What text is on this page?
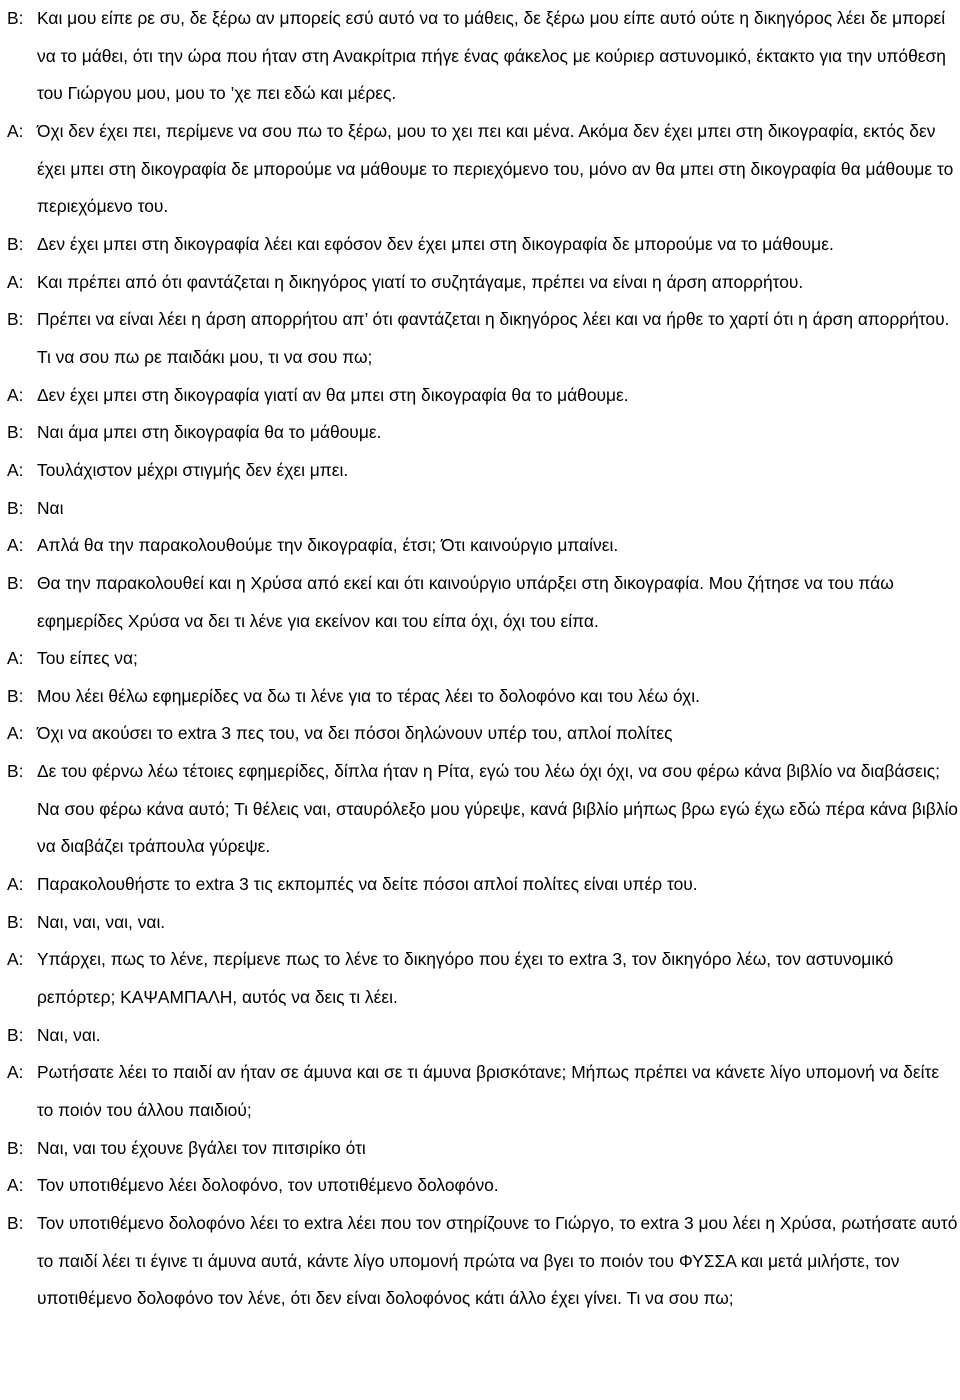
Β: Και μου είπε ρε συ, δε ξέρω αν μπορείς εσύ αυτό να το μάθεις, δε ξέρω μου είπε αυτό ούτε η δικηγόρος λέει δε μπορεί να το μάθει, ότι την ώρα που ήταν στη Ανακρίτρια πήγε ένας φάκελος με κούριερ αστυνομικό, έκτακτο για την υπόθεση του Γιώργου μου, μου το ’χε πει εδώ και μέρες.
Α: Όχι δεν έχει πει, περίμενε να σου πω το ξέρω, μου το χει πει και μένα. Ακόμα δεν έχει μπει στη δικογραφία, εκτός δεν έχει μπει στη δικογραφία δε μπορούμε να μάθουμε το περιεχόμενο του, μόνο αν θα μπει στη δικογραφία θα μάθουμε το περιεχόμενο του.
Β: Δεν έχει μπει στη δικογραφία λέει και εφόσον δεν έχει μπει στη δικογραφία δε μπορούμε να το μάθουμε.
Α: Και πρέπει από ότι φαντάζεται η δικηγόρος γιατί το συζητάγαμε, πρέπει να είναι η άρση απορρήτου.
Β: Πρέπει να είναι λέει η άρση απορρήτου απ’ ότι φαντάζεται η δικηγόρος λέει και να ήρθε το χαρτί ότι η άρση απορρήτου. Τι να σου πω ρε παιδάκι μου, τι να σου πω;
Α: Δεν έχει μπει στη δικογραφία γιατί αν θα μπει στη δικογραφία θα το μάθουμε.
Β: Ναι άμα μπει στη δικογραφία θα το μάθουμε.
Α: Τουλάχιστον μέχρι στιγμής δεν έχει μπει.
Β: Ναι
Α: Απλά θα την παρακολουθούμε την δικογραφία, έτσι; Ότι καινούργιο μπαίνει.
Β: Θα την παρακολουθεί και η Χρύσα από εκεί και ότι καινούργιο υπάρξει στη δικογραφία. Μου ζήτησε να του πάω εφημερίδες Χρύσα να δει τι λένε για εκείνον και του είπα όχι, όχι του είπα.
Α: Του είπες να;
Β: Μου λέει θέλω εφημερίδες να δω τι λένε για το τέρας λέει το δολοφόνο και του λέω όχι.
Α: Όχι να ακούσει το extra 3 πες του, να δει πόσοι δηλώνουν υπέρ του, απλοί πολίτες
Β: Δε του φέρνω λέω τέτοιες εφημερίδες, δίπλα ήταν η Ρίτα, εγώ του λέω όχι όχι, να σου φέρω κάνα βιβλίο να διαβάσεις; Να σου φέρω κάνα αυτό; Τι θέλεις ναι, σταυρόλεξο μου γύρεψε, κανά βιβλίο μήπως βρω εγώ έχω εδώ πέρα κάνα βιβλίο να διαβάζει τράπουλα γύρεψε.
Α: Παρακολουθήστε το extra 3 τις εκπομπές να δείτε πόσοι απλοί πολίτες είναι υπέρ του.
Β: Ναι, ναι, ναι, ναι.
Α: Υπάρχει, πως το λένε, περίμενε πως το λένε το δικηγόρο που έχει το extra 3, τον δικηγόρο λέω, τον αστυνομικό ρεπόρτερ; ΚΑΨΑΜΠΑΛΗ, αυτός να δεις τι λέει.
Β: Ναι, ναι.
Α: Ρωτήσατε λέει το παιδί αν ήταν σε άμυνα και σε τι άμυνα βρισκότανε; Μήπως πρέπει να κάνετε λίγο υπομονή να δείτε το ποιόν του άλλου παιδιού;
Β: Ναι, ναι του έχουνε βγάλει τον πιτσιρίκο ότι
Α: Τον υποτιθέμενο λέει δολοφόνο, τον υποτιθέμενο δολοφόνο.
Β: Τον υποτιθέμενο δολοφόνο λέει το extra λέει που τον στηρίζουνε το Γιώργο, το extra 3 μου λέει η Χρύσα, ρωτήσατε αυτό το παιδί λέει τι έγινε τι άμυνα αυτά, κάντε λίγο υπομονή πρώτα να βγει το ποιόν του ΦΥΣΣΑ και μετά μιλήστε, τον υποτιθέμενο δολοφόνο τον λένε, ότι δεν είναι δολοφόνος κάτι άλλο έχει γίνει. Τι να σου πω;
